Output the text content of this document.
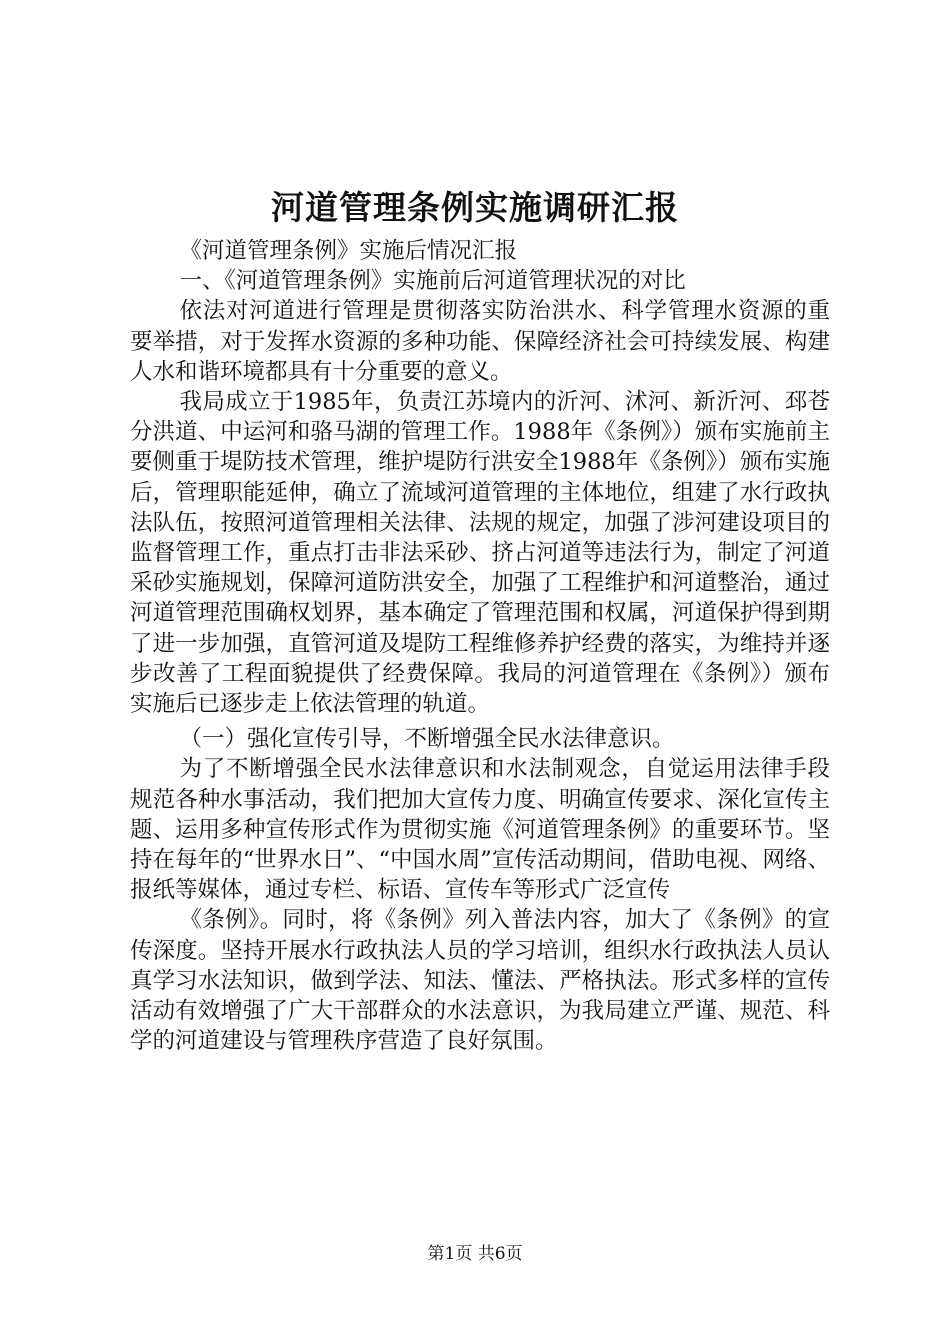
河道管理条例实施调研汇报

《河道管理条例》实施后情况汇报

一、《河道管理条例》实施前后河道管理状况的对比

依法对河道进行管理是贯彻落实防治洪水、科学管理水资源的重要举措，对于发挥水资源的多种功能、保障经济社会可持续发展、构建人水和谐环境都具有十分重要的意义。

我局成立于1985年，负责江苏境内的沂河、沭河、新沂河、邳苍分洪道、中运河和骆马湖的管理工作。1988年《条例》）颁布实施前主要侧重于堤防技术管理，维护堤防行洪安全1988年《条例》）颁布实施后，管理职能延伸，确立了流域河道管理的主体地位，组建了水行政执法队伍，按照河道管理相关法律、法规的规定，加强了涉河建设项目的监督管理工作，重点打击非法采砂、挤占河道等违法行为，制定了河道采砂实施规划，保障河道防洪安全，加强了工程维护和河道整治，通过河道管理范围确权划界，基本确定了管理范围和权属，河道保护得到期了进一步加强，直管河道及堤防工程维修养护经费的落实，为维持并逐步改善了工程面貌提供了经费保障。我局的河道管理在《条例》）颁布实施后已逐步走上依法管理的轨道。

（一）强化宣传引导，不断增强全民水法律意识。

为了不断增强全民水法律意识和水法制观念，自觉运用法律手段规范各种水事活动，我们把加大宣传力度、明确宣传要求、深化宣传主题、运用多种宣传形式作为贯彻实施《河道管理条例》的重要环节。坚持在每年的“世界水日”、“中国水周”宣传活动期间，借助电视、网络、报纸等媒体，通过专栏、标语、宣传车等形式广泛宣传

《条例》。同时，将《条例》列入普法内容，加大了《条例》的宣传深度。坚持开展水行政执法人员的学习培训，组织水行政执法人员认真学习水法知识，做到学法、知法、懂法、严格执法。形式多样的宣传活动有效增强了广大干部群众的水法意识，为我局建立严谨、规范、科学的河道建设与管理秩序营造了良好氛围。

第1页 共6页
